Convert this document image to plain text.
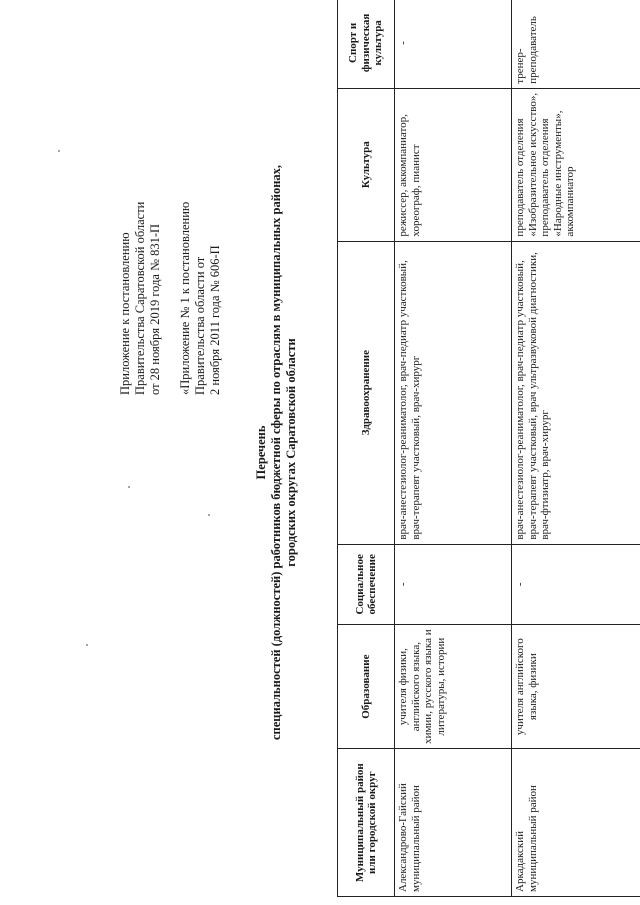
Приложение к постановлению Правительства Саратовской области от 28 ноября 2019 года № 831-П «Приложение № 1 к постановлению Правительства области от 2 ноября 2011 года № 606-П
Перечень специальностей (должностей) работников бюджетной сферы по отраслям в муниципальных районах, городских округах Саратовской области
Муниципальный район или городской округ	Образование	Социальное обеспечение	Здравоохранение	Культура	Спорт и физическая культура
Александрово-Гайский муниципальный район	учителя физики, английского языка, химии, русского языка и литературы, истории	-	врач-анестезиолог-реаниматолог, врач-педиатр участковый, врач-терапевт участковый, врач-хирург	режиссер, аккомпаниатор, хореограф, пианист	-
Аркадакский муниципальный район	учителя английского языка, физики	-	врач-анестезиолог-реаниматолог, врач-педиатр участковый, врач-терапевт участковый, врач ультразвуковой диагностики, врач-фтизиатр, врач-хирург	преподаватель отделения «Изобразительное искусство», преподаватель отделения «Народные инструменты», аккомпаниатор	тренер-преподаватель
